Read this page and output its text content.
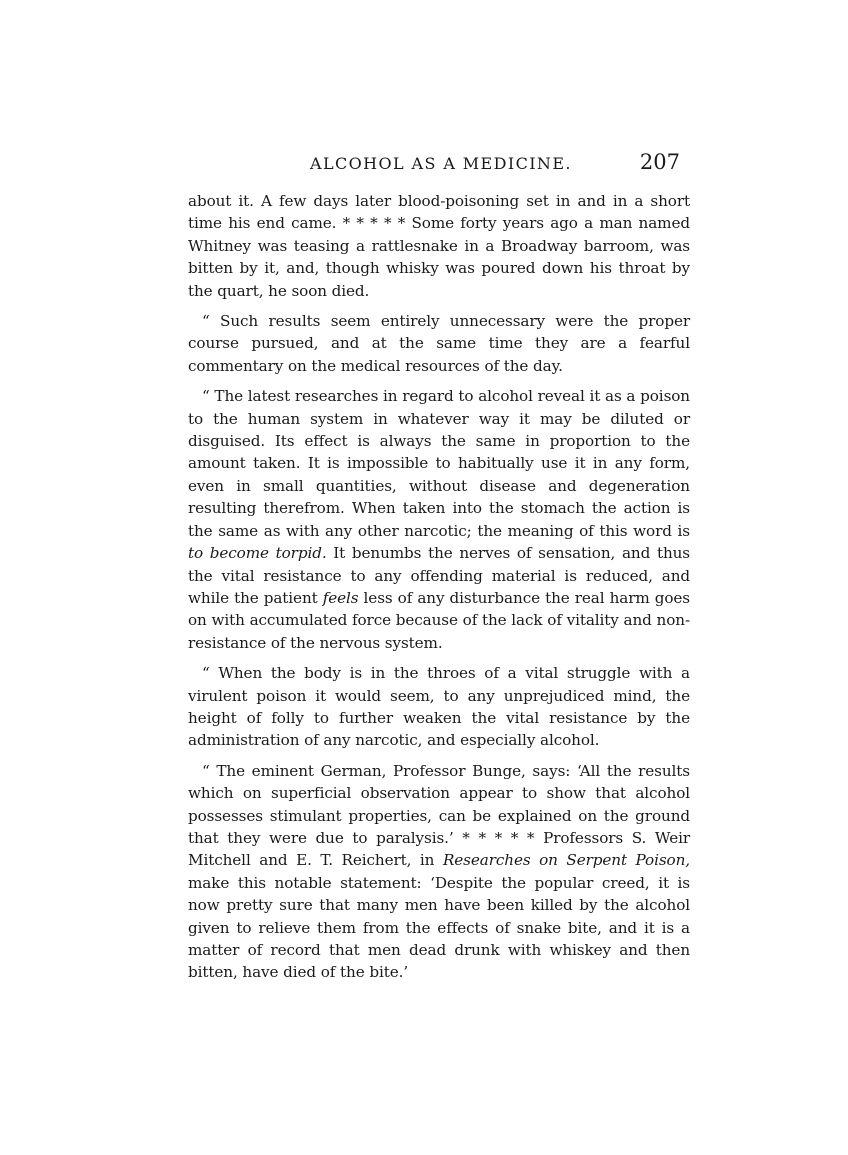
ALCOHOL AS A MEDICINE.	207

about it. A few days later blood-poisoning set in and in a short time his end came. * * * * * Some forty years ago a man named Whitney was teasing a rattlesnake in a Broadway barroom, was bitten by it, and, though whisky was poured down his throat by the quart, he soon died.

“ Such results seem entirely unnecessary were the proper course pursued, and at the same time they are a fearful commentary on the medical resources of the day.

“ The latest researches in regard to alcohol reveal it as a poison to the human system in whatever way it may be diluted or disguised. Its effect is always the same in proportion to the amount taken. It is impossible to habitually use it in any form, even in small quantities, without disease and degeneration resulting therefrom. When taken into the stomach the action is the same as with any other narcotic; the meaning of this word is to become torpid. It benumbs the nerves of sensation, and thus the vital resistance to any offending material is reduced, and while the patient feels less of any disturbance the real harm goes on with accumulated force because of the lack of vitality and non-resistance of the nervous system.

“ When the body is in the throes of a vital struggle with a virulent poison it would seem, to any unprejudiced mind, the height of folly to further weaken the vital resistance by the administration of any narcotic, and especially alcohol.

“ The eminent German, Professor Bunge, says: ‘All the results which on superficial observation appear to show that alcohol possesses stimulant properties, can be explained on the ground that they were due to paralysis.’ * * * * * Professors S. Weir Mitchell and E. T. Reichert, in Researches on Serpent Poison, make this notable statement: ‘Despite the popular creed, it is now pretty sure that many men have been killed by the alcohol given to relieve them from the effects of snake bite, and it is a matter of record that men dead drunk with whiskey and then bitten, have died of the bite.’
